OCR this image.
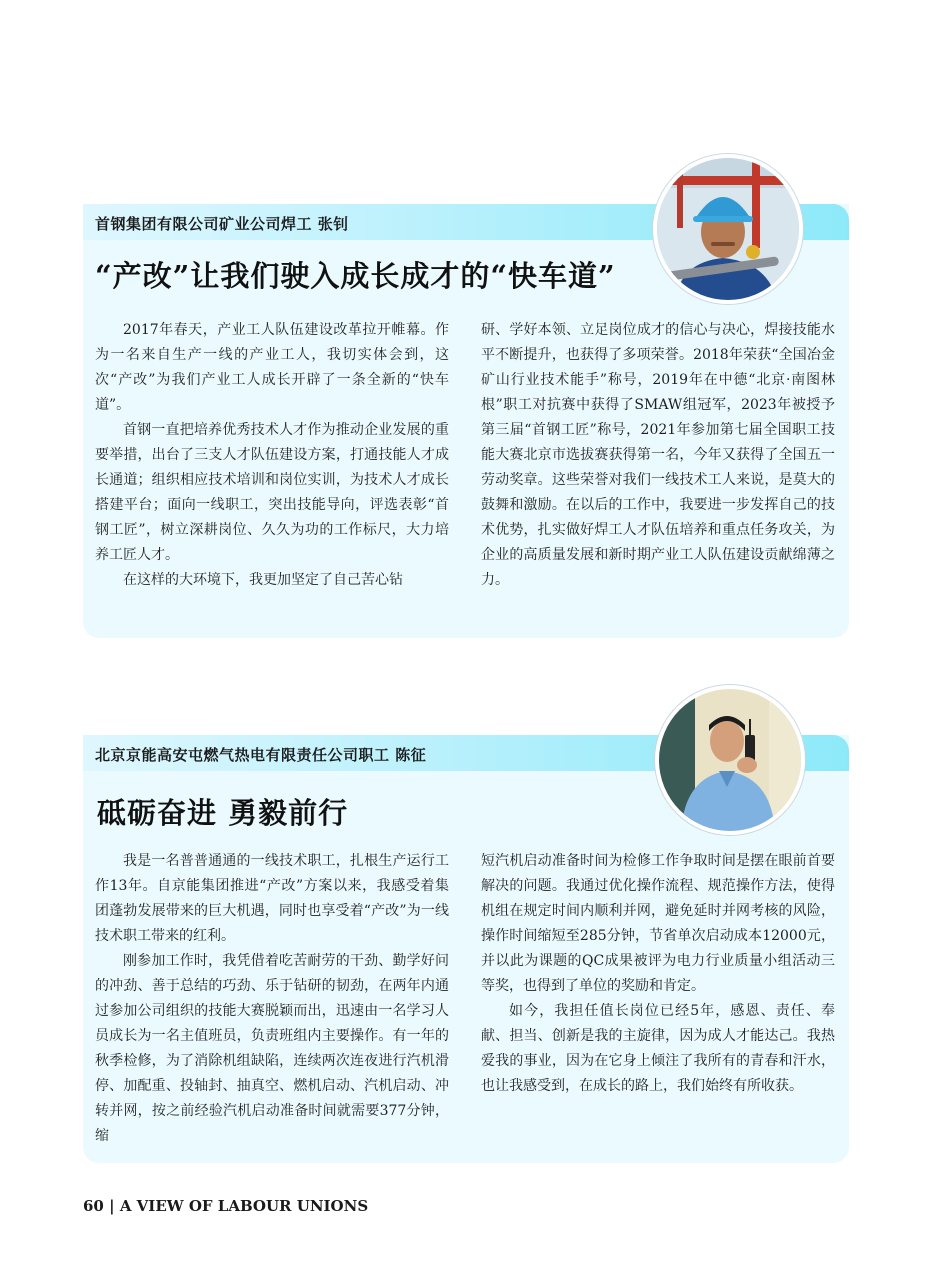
首钢集团有限公司矿业公司焊工 张钊
“产改”让我们驶入成长成才的“快车道”

2017年春天，产业工人队伍建设改革拉开帷幕。作为一名来自生产一线的产业工人，我切实体会到，这次“产改”为我们产业工人成长开辟了一条全新的“快车道”。

首钢一直把培养优秀技术人才作为推动企业发展的重要举措，出台了三支人才队伍建设方案，打通技能人才成长通道；组织相应技术培训和岗位实训，为技术人才成长搭建平台；面向一线职工，突出技能导向，评选表彰“首钢工匠”，树立深耕岗位、久久为功的工作标尺，大力培养工匠人才。

在这样的大环境下，我更加坚定了自己苦心钻

研、学好本领、立足岗位成才的信心与决心，焊接技能水平不断提升，也获得了多项荣誉。2018年荣获“全国冶金矿山行业技术能手”称号，2019年在中德“北京·南图林根”职工对抗赛中获得了SMAW组冠军，2023年被授予第三届“首钢工匠”称号，2021年参加第七届全国职工技能大赛北京市选拔赛获得第一名，今年又获得了全国五一劳动奖章。这些荣誉对我们一线技术工人来说，是莫大的鼓舞和激励。在以后的工作中，我要进一步发挥自己的技术优势，扎实做好焊工人才队伍培养和重点任务攻关，为企业的高质量发展和新时期产业工人队伍建设贡献绵薄之力。

北京京能高安屯燃气热电有限责任公司职工 陈征
砥砺奋进 勇毅前行

我是一名普普通通的一线技术职工，扎根生产运行工作13年。自京能集团推进“产改”方案以来，我感受着集团蓬勃发展带来的巨大机遇，同时也享受着“产改”为一线技术职工带来的红利。

刚参加工作时，我凭借着吃苦耐劳的干劲、勤学好问的冲劲、善于总结的巧劲、乐于钻研的韧劲，在两年内通过参加公司组织的技能大赛脱颖而出，迅速由一名学习人员成长为一名主值班员，负责班组内主要操作。有一年的秋季检修，为了消除机组缺陷，连续两次连夜进行汽机滑停、加配重、投轴封、抽真空、燃机启动、汽机启动、冲转并网，按之前经验汽机启动准备时间就需要377分钟，缩

短汽机启动准备时间为检修工作争取时间是摆在眼前首要解决的问题。我通过优化操作流程、规范操作方法，使得机组在规定时间内顺利并网，避免延时并网考核的风险，操作时间缩短至285分钟，节省单次启动成本12000元，并以此为课题的QC成果被评为电力行业质量小组活动三等奖，也得到了单位的奖励和肯定。

如今，我担任值长岗位已经5年，感恩、责任、奉献、担当、创新是我的主旋律，因为成人才能达己。我热爱我的事业，因为在它身上倾注了我所有的青春和汗水，也让我感受到，在成长的路上，我们始终有所收获。

60 | A VIEW OF LABOUR UNIONS
